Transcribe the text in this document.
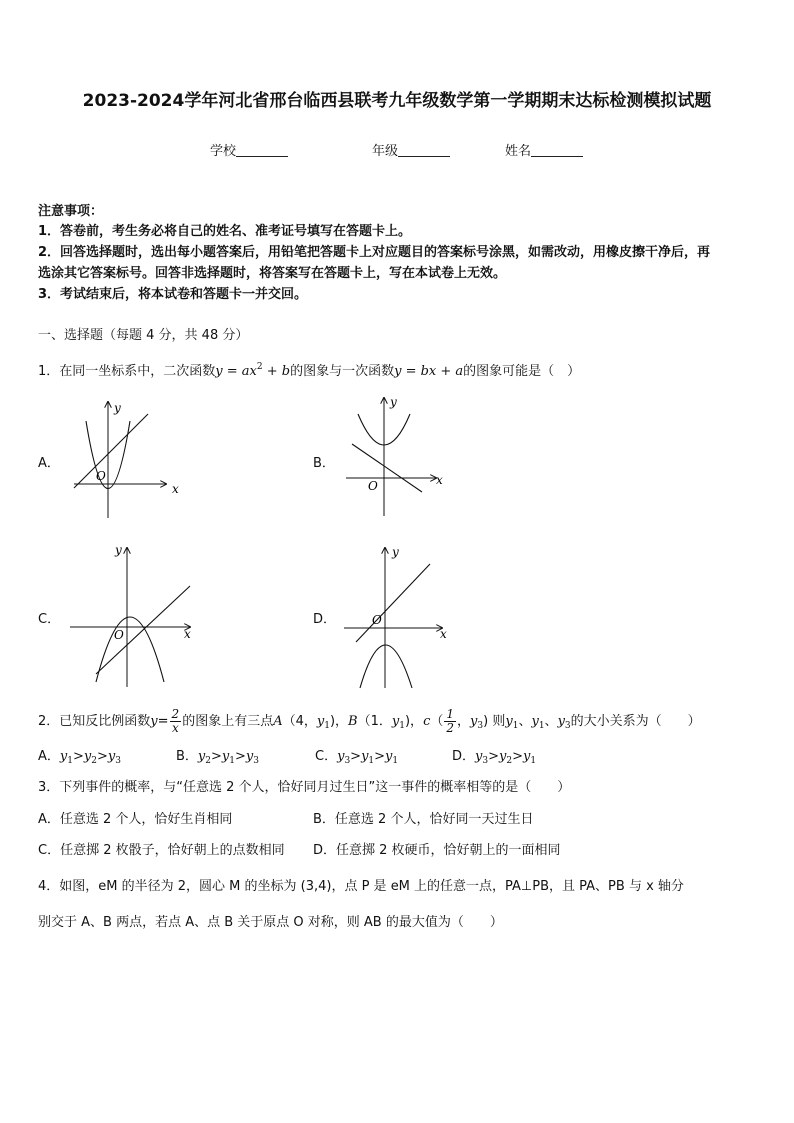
2023-2024学年河北省邢台临西县联考九年级数学第一学期期末达标检测模拟试题
学校	年级	姓名
注意事项：
1．答卷前，考生务必将自己的姓名、准考证号填写在答题卡上。
2．回答选择题时，选出每小题答案后，用铅笔把答题卡上对应题目的答案标号涂黑，如需改动，用橡皮擦干净后，再
选涂其它答案标号。回答非选择题时，将答案写在答题卡上，写在本试卷上无效。
3．考试结束后，将本试卷和答题卡一并交回。
一、选择题（每题 4 分，共 48 分）
1．在同一坐标系中，二次函数$y = ax^2 + b$的图象与一次函数y = bx + a的图象可能是（　）
A．	B．
C．	D．
x
y
O	x
y
O
x
y
O	x
y
O
2．已知反比例函数$y= \frac{2}{x}$ 的图象上有三点A（4，$y_1$)，B（1．$y_1$)，$c( \frac{1}{2}$ ，$y_3$) 则$y_1$、$y_1$、$y_3$的大小关系为（　　）
A．$y_1>y_2>y_3$	B．$y_2>y_1>y_3$	C．$y_3>y_1>y_1$	D．$y_3>y_2>y_1$
3．下列事件的概率，与“任意选 2 个人，恰好同月过生日”这一事件的概率相等的是（　　）
A．任意选 2 个人，恰好生肖相同	B．任意选 2 个人，恰好同一天过生日
C．任意掷 2 枚骰子，恰好朝上的点数相同 D．任意掷 2 枚硬币，恰好朝上的一面相同
4．如图，eM 的半径为 2，圆心 M 的坐标为 (3,4)，点 P 是 eM 上的任意一点，PA⊥PB，且 PA、PB 与 x 轴分
别交于 A、B 两点，若点 A、点 B 关于原点 O 对称，则 AB 的最大值为（　　）
